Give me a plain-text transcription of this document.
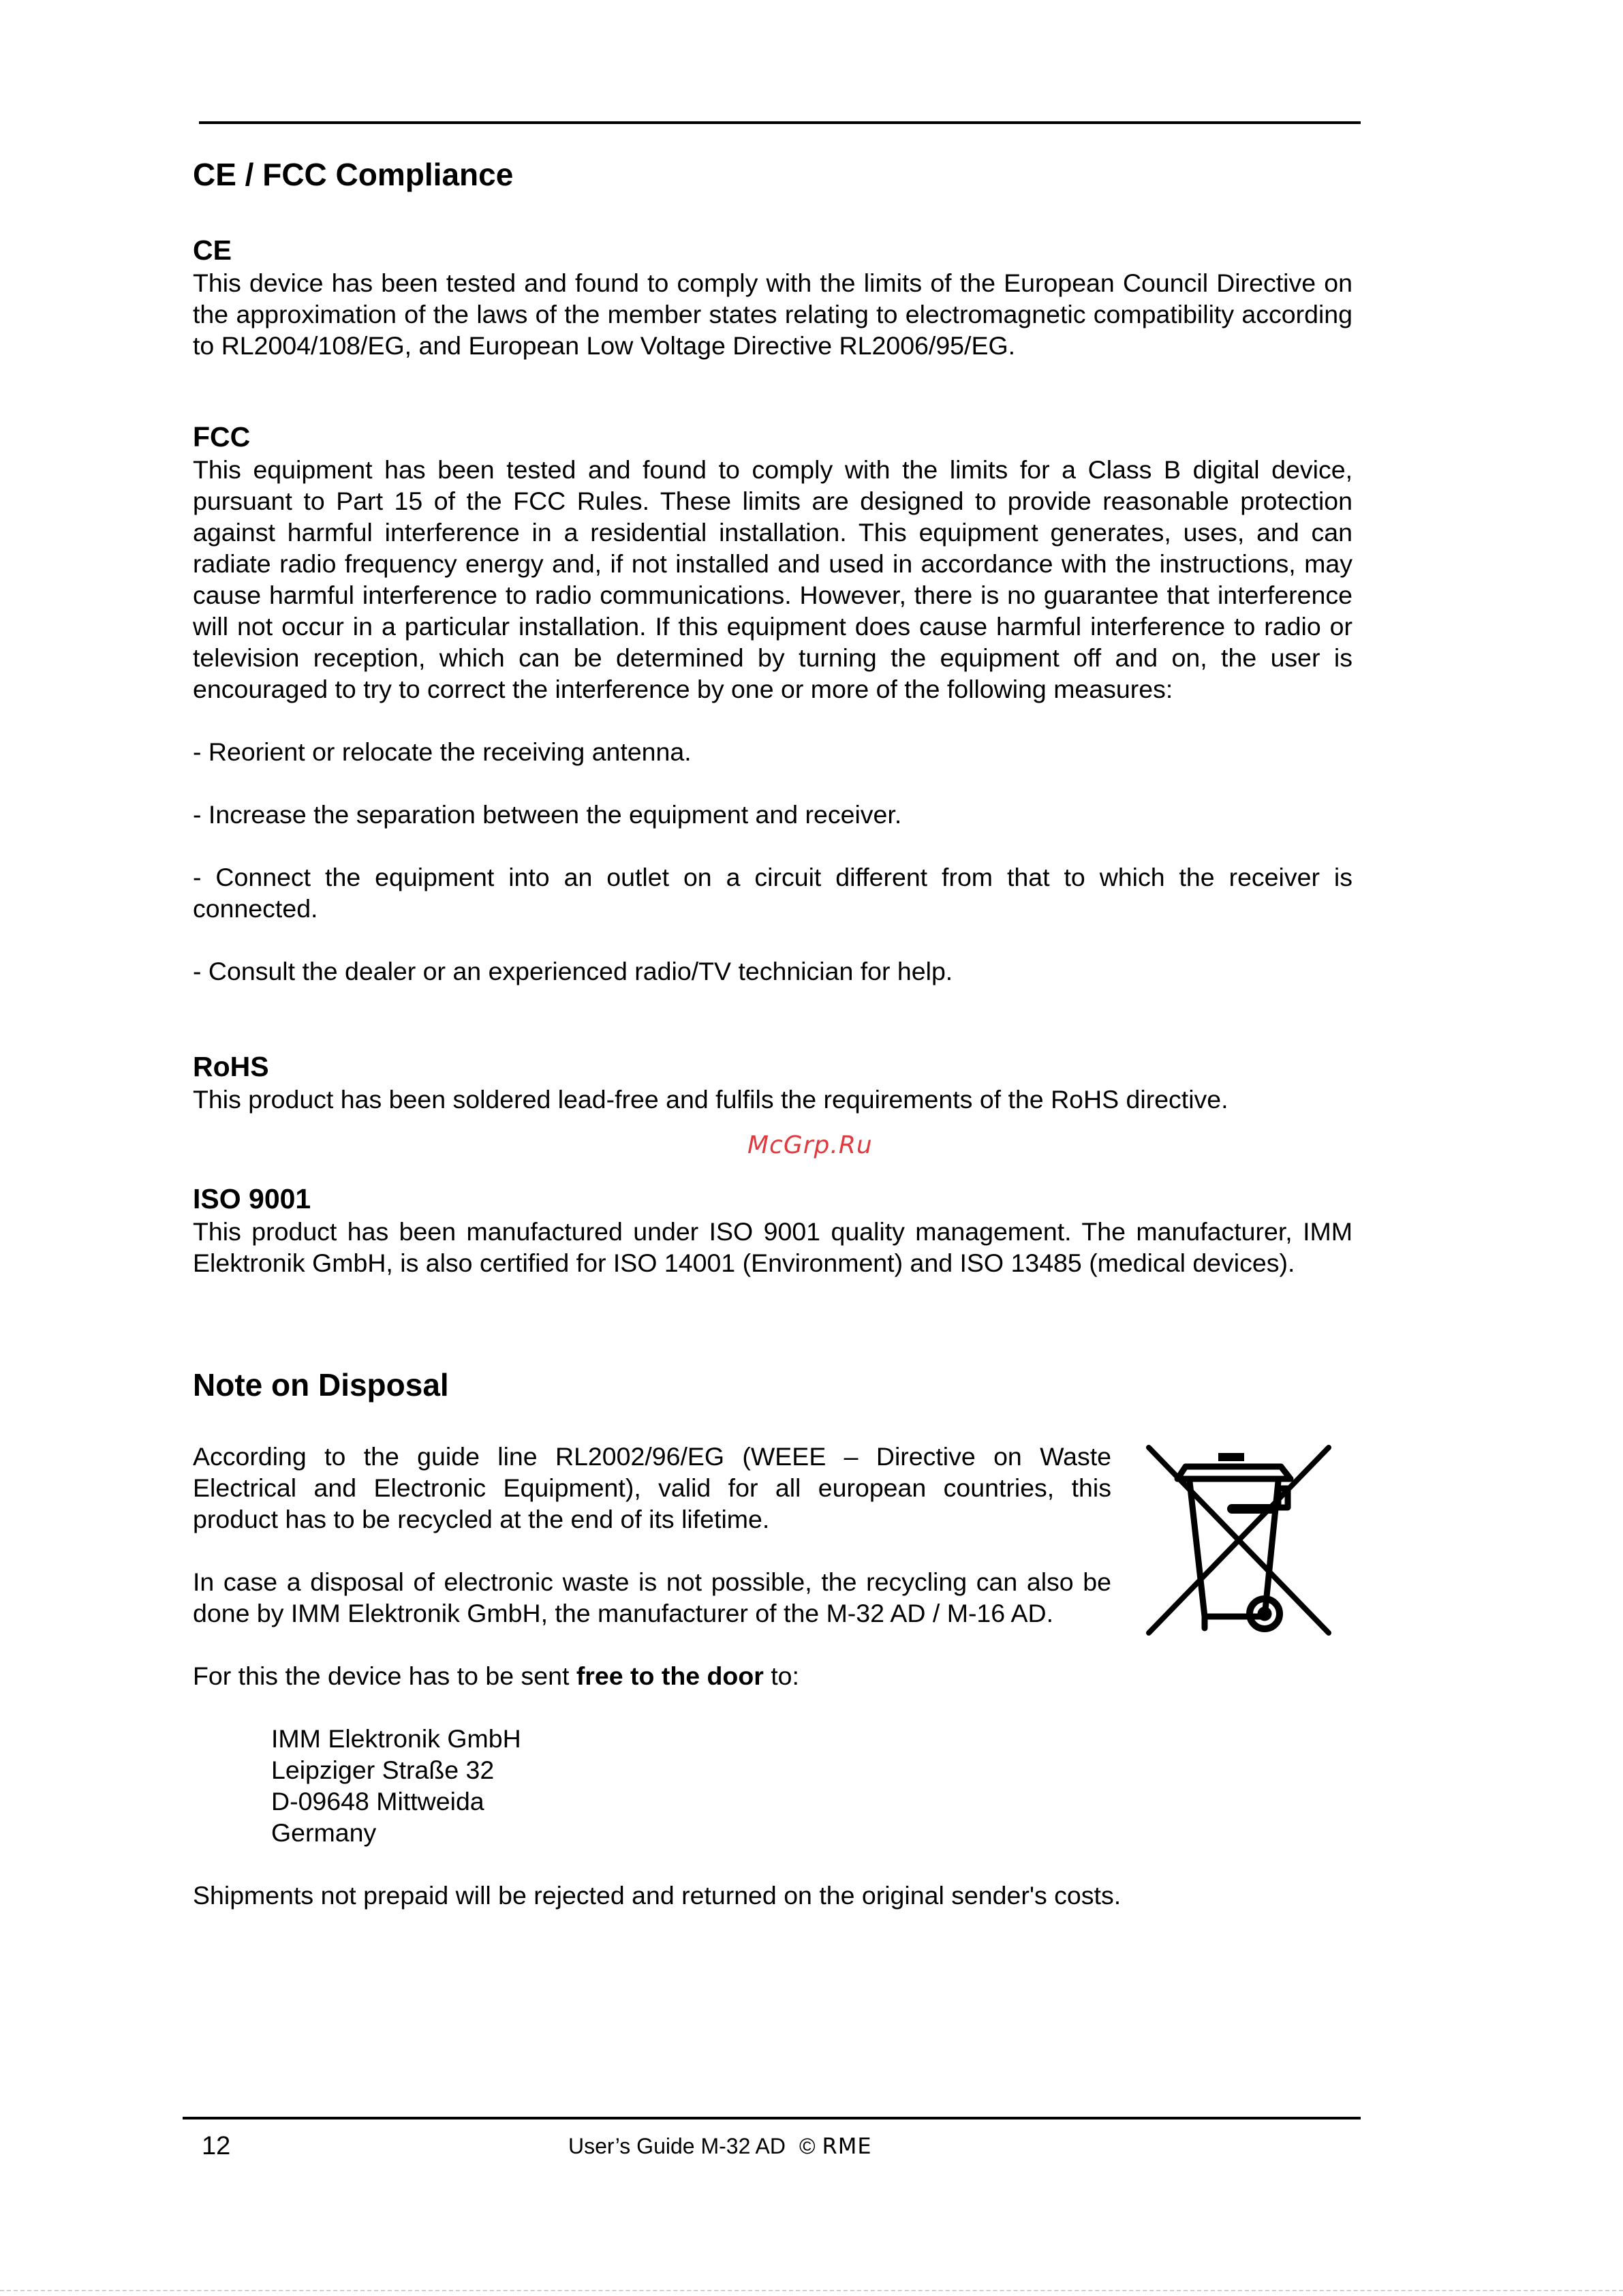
CE / FCC Compliance
CE

This device has been tested and found to comply with the limits of the European Council Directive on the approximation of the laws of the member states relating to electromagnetic compatibility according to RL2004/108/EG, and European Low Voltage Directive RL2006/95/EG.

FCC

This equipment has been tested and found to comply with the limits for a Class B digital device, pursuant to Part 15 of the FCC Rules. These limits are designed to provide reasonable protection against harmful interference in a residential installation. This equipment generates, uses, and can radiate radio frequency energy and, if not installed and used in accordance with the instructions, may cause harmful interference to radio communications. However, there is no guarantee that interference will not occur in a particular installation. If this equipment does cause harmful interference to radio or television reception, which can be determined by turning the equipment off and on, the user is encouraged to try to correct the interference by one or more of the following measures:

- Reorient or relocate the receiving antenna.

- Increase the separation between the equipment and receiver.

- Connect the equipment into an outlet on a circuit different from that to which the receiver is connected.

- Consult the dealer or an experienced radio/TV technician for help.

RoHS

This product has been soldered lead-free and fulfils the requirements of the RoHS directive.

ISO 9001

This product has been manufactured under ISO 9001 quality management. The manufacturer, IMM Elektronik GmbH, is also certified for ISO 14001 (Environment) and ISO 13485 (medical devices).

Note on Disposal

According to the guide line RL2002/96/EG (WEEE – Directive on Waste Electrical and Electronic Equipment), valid for all european countries, this product has to be recycled at the end of its lifetime.

In case a disposal of electronic waste is not possible, the recycling can also be done by IMM Elektronik GmbH, the manufacturer of the M-32 AD / M-16 AD.

For this the device has to be sent free to the door to:

IMM Elektronik GmbH

Leipziger Straße 32

D-09648 Mittweida

Germany

Shipments not prepaid will be rejected and returned on the original sender's costs.

McGrp.Ru
12	User’s Guide M-32 AD © RME
